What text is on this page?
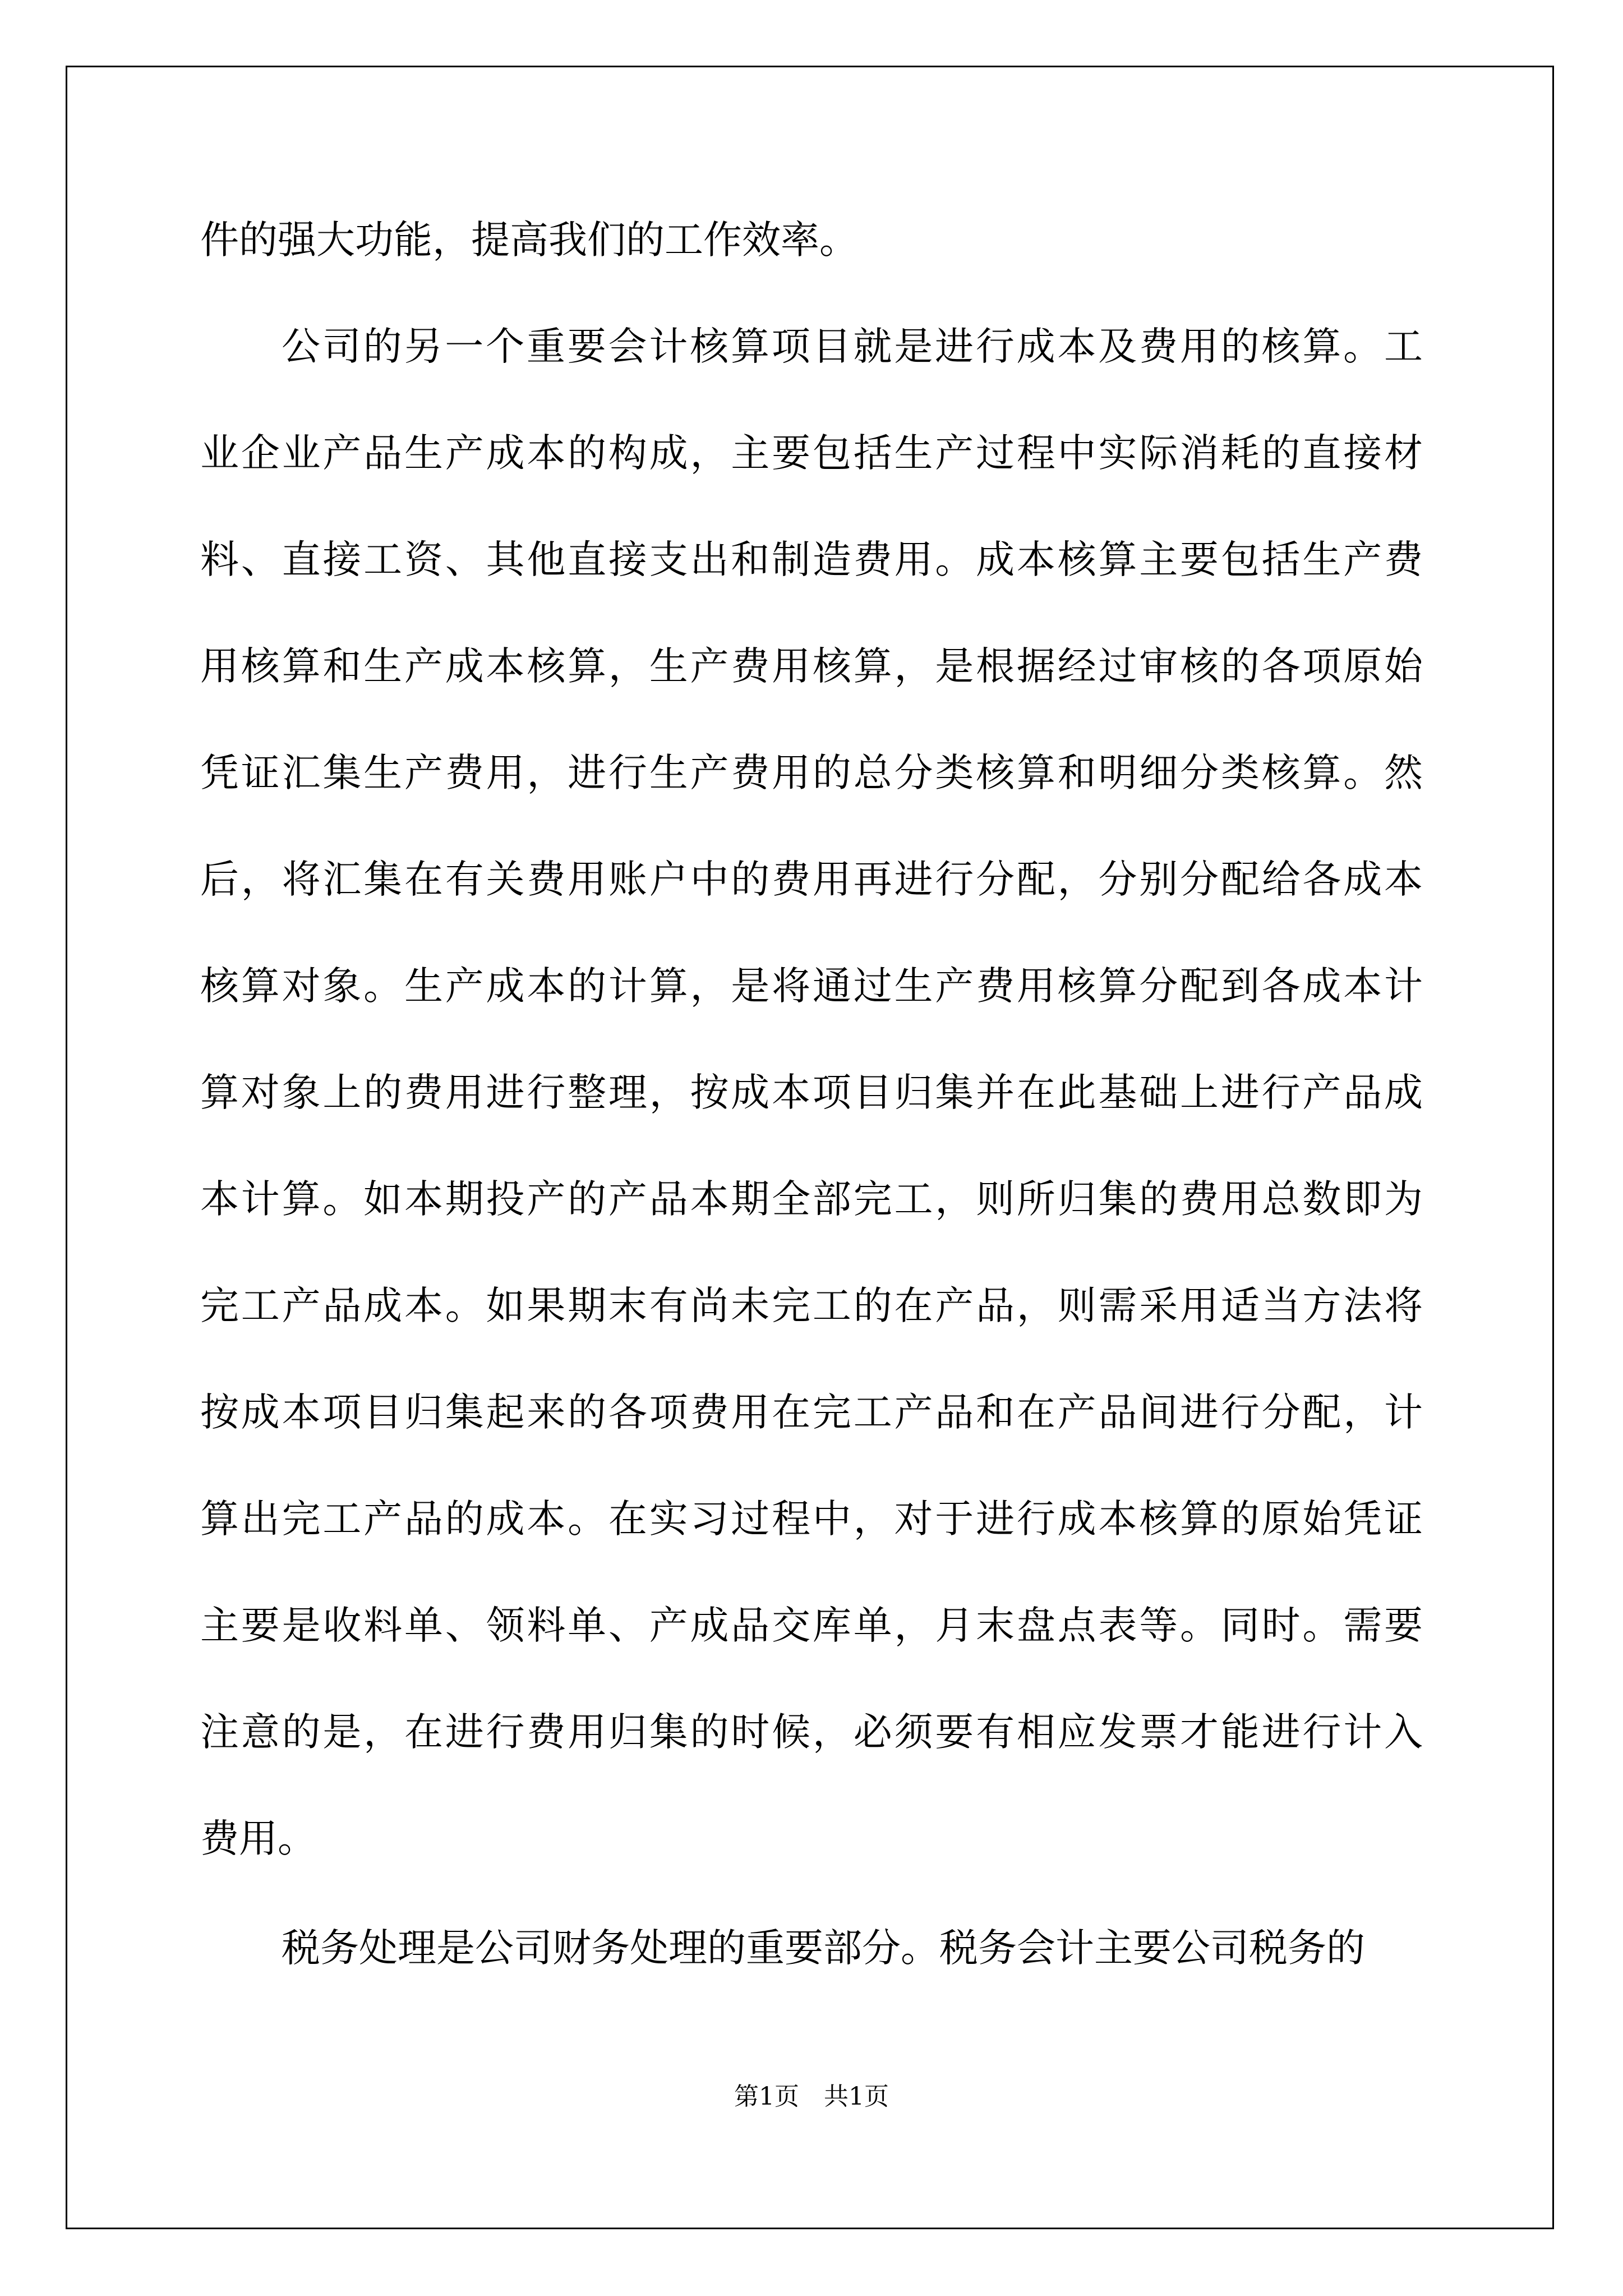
件的强大功能，提高我们的工作效率。
公司的另一个重要会计核算项目就是进行成本及费用的核算。工
业企业产品生产成本的构成，主要包括生产过程中实际消耗的直接材
料、直接工资、其他直接支出和制造费用。成本核算主要包括生产费
用核算和生产成本核算，生产费用核算，是根据经过审核的各项原始
凭证汇集生产费用，进行生产费用的总分类核算和明细分类核算。然
后，将汇集在有关费用账户中的费用再进行分配，分别分配给各成本
核算对象。生产成本的计算，是将通过生产费用核算分配到各成本计
算对象上的费用进行整理，按成本项目归集并在此基础上进行产品成
本计算。如本期投产的产品本期全部完工，则所归集的费用总数即为
完工产品成本。如果期末有尚未完工的在产品，则需采用适当方法将
按成本项目归集起来的各项费用在完工产品和在产品间进行分配，计
算出完工产品的成本。在实习过程中，对于进行成本核算的原始凭证
主要是收料单、领料单、产成品交库单，月末盘点表等。同时。需要
注意的是，在进行费用归集的时候，必须要有相应发票才能进行计入
费用。
税务处理是公司财务处理的重要部分。税务会计主要公司税务的
第1页　共1页
